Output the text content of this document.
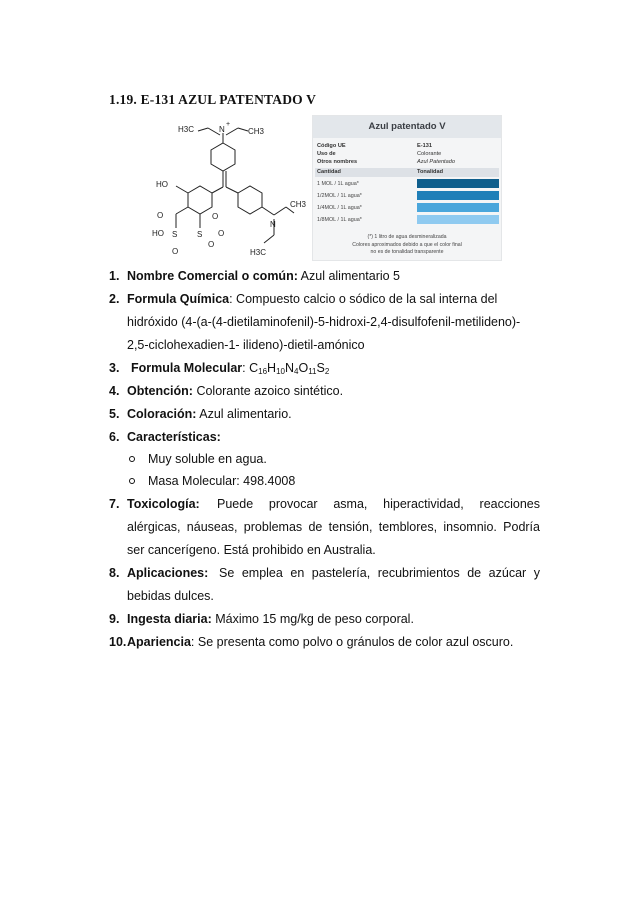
1.19. E-131 AZUL PATENTADO V
H3C	N
+
CH3
HO
HO S
O
O
O
O
S O
CH3
N
H3C
Azul patentado V
Código UE	E-131
Uso de	Colorante
Otros nombres	Azul Patentado
Cantidad	Tonalidad
1 MOL / 1L agua*
1/2MOL / 1L agua*
1/4MOL / 1L agua*
1/8MOL / 1L agua*
(*) 1 litro de agua desmineralizada
Colores aproximados debido a que el color final
no es de tonalidad transparente
1. Nombre Comercial o común: Azul alimentario 5
2. Formula Química: Compuesto calcio o sódico de la sal interna del
hidróxido (4-(a-(4-dietilaminofenil)-5-hidroxi-2,4-disulfofenil-metilideno)-
2,5-ciclohexadien-1- ilideno)-dietil-amónico
3. Formula Molecular: $C_{16}H_{10}N_4O_{11}S_2$
4. Obtención: Colorante azoico sintético.
5. Coloración: Azul alimentario.
6. Características:
Muy soluble en agua.
Masa Molecular: 498.4008
7. Toxicología: Puede provocar asma, hiperactividad, reacciones
alérgicas, náuseas, problemas de tensión, temblores, insomnio. Podría
ser cancerígeno. Está prohibido en Australia.
8. Aplicaciones: Se emplea en pastelería, recubrimientos de azúcar y
bebidas dulces.
9. Ingesta diaria: Máximo 15 mg/kg de peso corporal.
10. Apariencia: Se presenta como polvo o gránulos de color azul oscuro.
